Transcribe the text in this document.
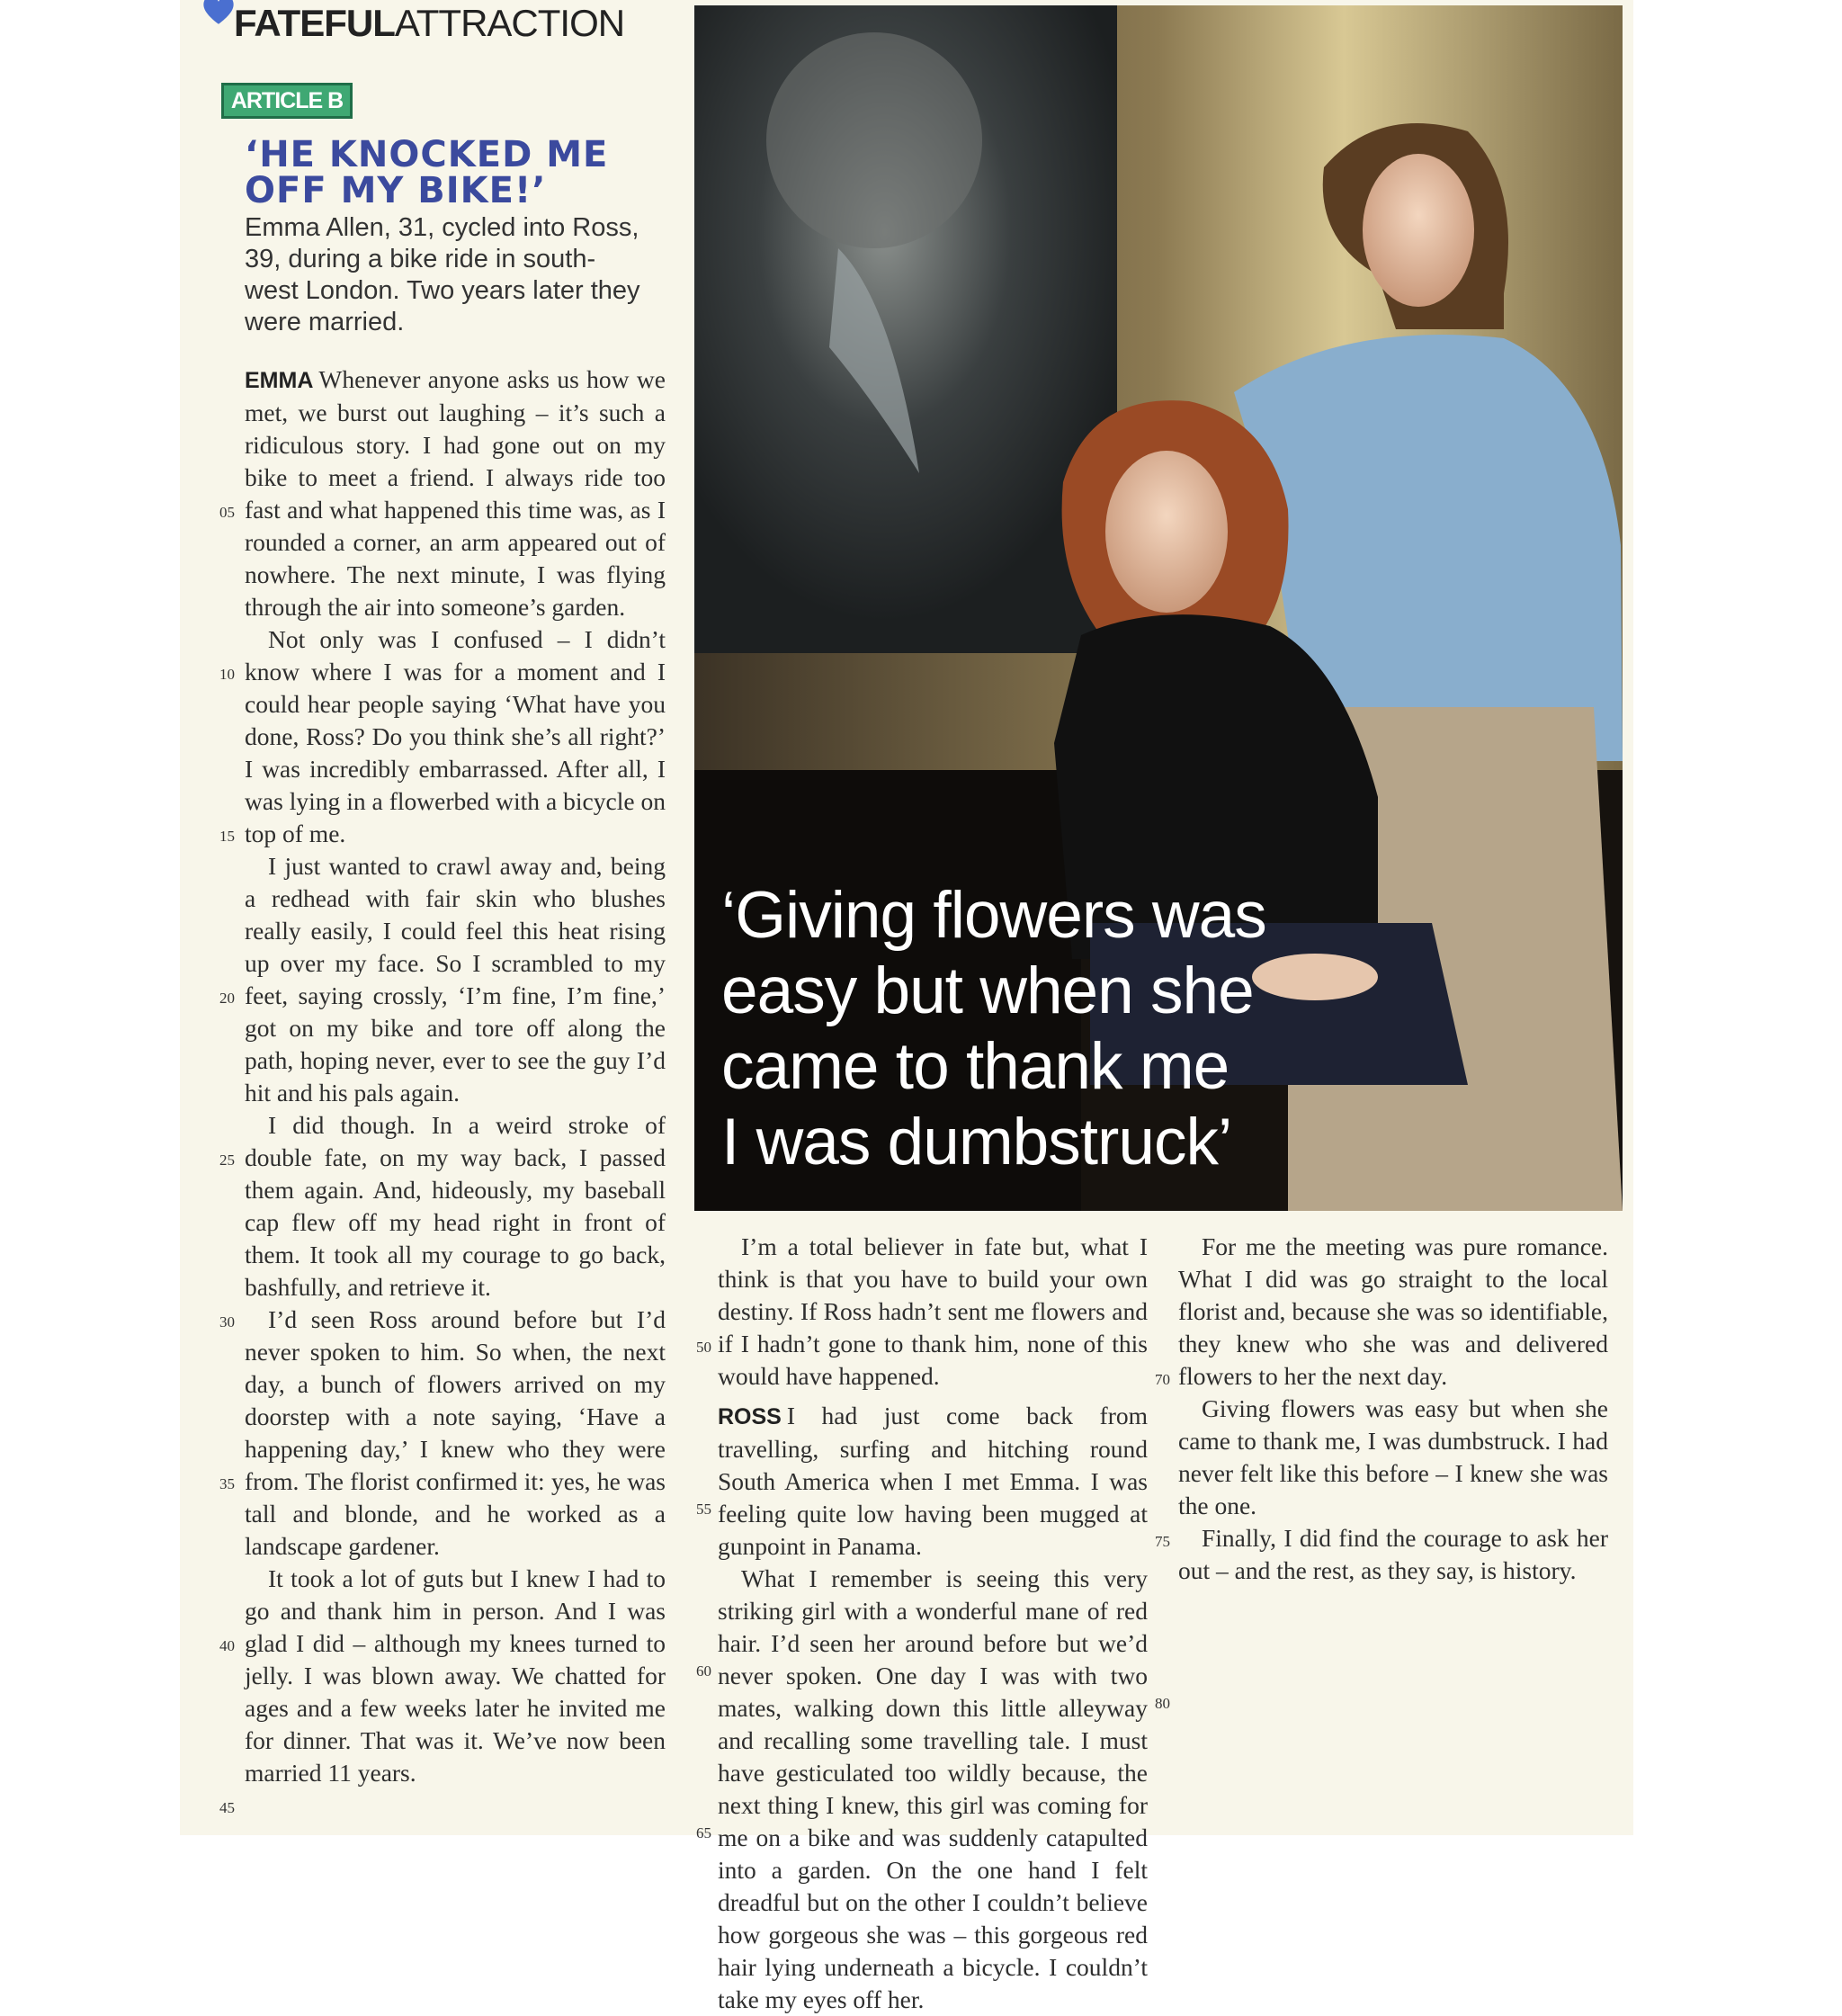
FATEFULATTRACTION
ARTICLE B
‘HE KNOCKED ME
OFF MY BIKE!’
Emma Allen, 31, cycled into Ross, 39, during a bike ride in south-west London. Two years later they were married.

EMMA Whenever anyone asks us how we met, we burst out laughing – it’s such a ridiculous story. I had gone out on my bike to meet a friend. I always ride too fast and what happened this time was, as I rounded a corner, an arm appeared out of nowhere. The next minute, I was flying through the air into someone’s garden.

Not only was I confused – I didn’t know where I was for a moment and I could hear people saying ‘What have you done, Ross? Do you think she’s all right?’ I was incredibly embarrassed. After all, I was lying in a flowerbed with a bicycle on top of me.

I just wanted to crawl away and, being a redhead with fair skin who blushes really easily, I could feel this heat rising up over my face. So I scrambled to my feet, saying crossly, ‘I’m fine, I’m fine,’ got on my bike and tore off along the path, hoping never, ever to see the guy I’d hit and his pals again.

I did though. In a weird stroke of double fate, on my way back, I passed them again. And, hideously, my baseball cap flew off my head right in front of them. It took all my courage to go back, bashfully, and retrieve it.

I’d seen Ross around before but I’d never spoken to him. So when, the next day, a bunch of flowers arrived on my doorstep with a note saying, ‘Have a happening day,’ I knew who they were from. The florist confirmed it: yes, he was tall and blonde, and he worked as a landscape gardener.

It took a lot of guts but I knew I had to go and thank him in person. And I was glad I did – although my knees turned to jelly. I was blown away. We chatted for ages and a few weeks later he invited me for dinner. That was it. We’ve now been married 11 years.

I’m a total believer in fate but, what I think is that you have to build your own destiny. If Ross hadn’t sent me flowers and if I hadn’t gone to thank him, none of this would have happened.

ROSS I had just come back from travelling, surfing and hitching round South America when I met Emma. I was feeling quite low having been mugged at gunpoint in Panama.

What I remember is seeing this very striking girl with a wonderful mane of red hair. I’d seen her around before but we’d never spoken. One day I was with two mates, walking down this little alleyway and recalling some travelling tale. I must have gesticulated too wildly because, the next thing I knew, this girl was coming for me on a bike and was suddenly catapulted into a garden. On the one hand I felt dreadful but on the other I couldn’t believe how gorgeous she was – this gorgeous red hair lying underneath a bicycle. I couldn’t take my eyes off her.

For me the meeting was pure romance. What I did was go straight to the local florist and, because she was so identifiable, they knew who she was and delivered flowers to her the next day.

Giving flowers was easy but when she came to thank me, I was dumbstruck. I had never felt like this before – I knew she was the one.

Finally, I did find the courage to ask her out – and the rest, as they say, is history.

05
10
15
20
25
30
35
40
45
50
55
60
65
70
75
80
‘Giving flowers was
easy but when she
came to thank me
I was dumbstruck’
